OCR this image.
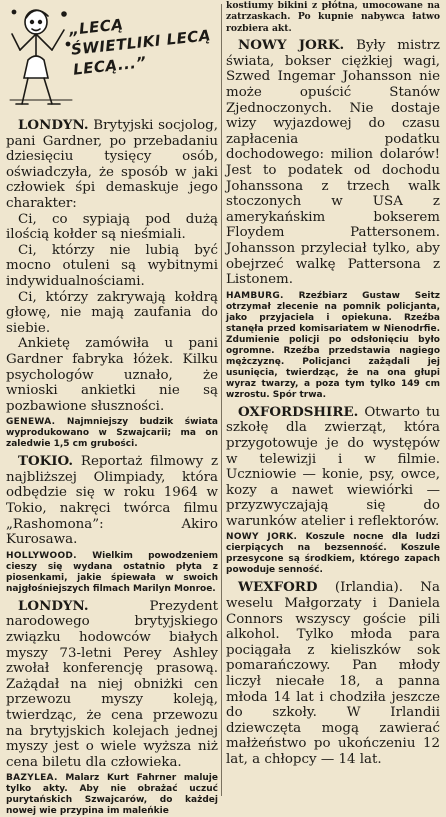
„LECĄ ŚWIETLIKI LECĄ LECĄ...”

LONDYN. Brytyjski socjolog, pani Gardner, po przebadaniu dziesięciu tysięcy osób, oświadczyła, że sposób w jaki człowiek śpi demaskuje jego charakter:

Ci, co sypiają pod dużą ilością kołder są nieśmiali.

Ci, którzy nie lubią być mocno otuleni są wybitnymi indywidualnościami.

Ci, którzy zakrywają kołdrą głowę, nie mają zaufania do siebie.

Ankietę zamówiła u pani Gardner fabryka łóżek. Kilku psychologów uznało, że wnioski ankietki nie są pozbawione słuszności.

GENEWA. Najmniejszy budzik świata wyprodukowano w Szwajcarii; ma on zaledwie 1,5 cm grubości.

TOKIO. Reportaż filmowy z najbliższej Olimpiady, która odbędzie się w roku 1964 w Tokio, nakręci twórca filmu „Rashomona”: Akiro Kurosawa.

HOLLYWOOD. Wielkim powodzeniem cieszy się wydana ostatnio płyta z piosenkami, jakie śpiewała w swoich najgłośniejszych filmach Marilyn Monroe.

LONDYN.	Prezydent narodowego brytyjskiego związku hodowców białych myszy 73-letni Perey Ashley zwołał konferencję prasową. Zażądał na niej obniżki cen przewozu myszy koleją, twierdząc, że cena przewozu na brytyjskich kolejach jednej myszy jest o wiele wyższa niż cena biletu dla człowieka.

BAZYLEA. Malarz Kurt Fahrner maluje tylko akty. Aby nie obrażać uczuć purytańskich Szwajcarów, do każdej nowej wie przypina im maleńkie
kostiumy bikini z płótna, umocowane na zatrzaskach. Po kupnie nabywca łatwo rozbiera akt.

NOWY JORK. Były mistrz świata, bokser ciężkiej wagi, Szwed Ingemar Johansson nie może opuścić Stanów Zjednoczonych. Nie dostaje wizy wyjazdowej do czasu zapłacenia podatku dochodowego: milion dolarów! Jest to podatek od dochodu Johanssona z trzech walk stoczonych w USA z amerykańskim bokserem Floydem Pattersonem. Johansson przyleciał tylko, aby obejrzeć walkę Pattersona z Listonem.

HAMBURG. Rzeźbiarz Gustaw Seitz otrzymał zlecenie na pomnik policjanta, jako przyjaciela i opiekuna. Rzeźba stanęła przed komisariatem w Nienodrfie. Zdumienie policji po odsłonięciu było ogromne. Rzeźba przedstawia nagiego mężczyznę. Policjanci zażądali jej usunięcia, twierdząc, że na ona głupi wyraz twarzy, a poza tym tylko 149 cm wzrostu. Spór trwa.

OXFORDSHIRE. Otwarto tu szkołę dla zwierząt, która przygotowuje je do występów w telewizji i w filmie. Uczniowie — konie, psy, owce, kozy a nawet wiewiórki — przyzwyczajają się do warunków atelier i reflektorów.

NOWY JORK. Koszule nocne dla ludzi cierpiących na bezsenność. Koszule przesycone są środkiem, którego zapach powoduje senność.

WEXFORD (Irlandia). Na weselu Małgorzaty i Daniela Connors wszyscy goście pili alkohol. Tylko młoda para pociągała z kieliszków sok pomarańczowy. Pan młody liczył niecałe 18, a panna młoda 14 lat i chodziła jeszcze do szkoły. W Irlandii dziewczęta mogą zawierać małżeństwo po ukończeniu 12 lat, a chłopcy — 14 lat.
